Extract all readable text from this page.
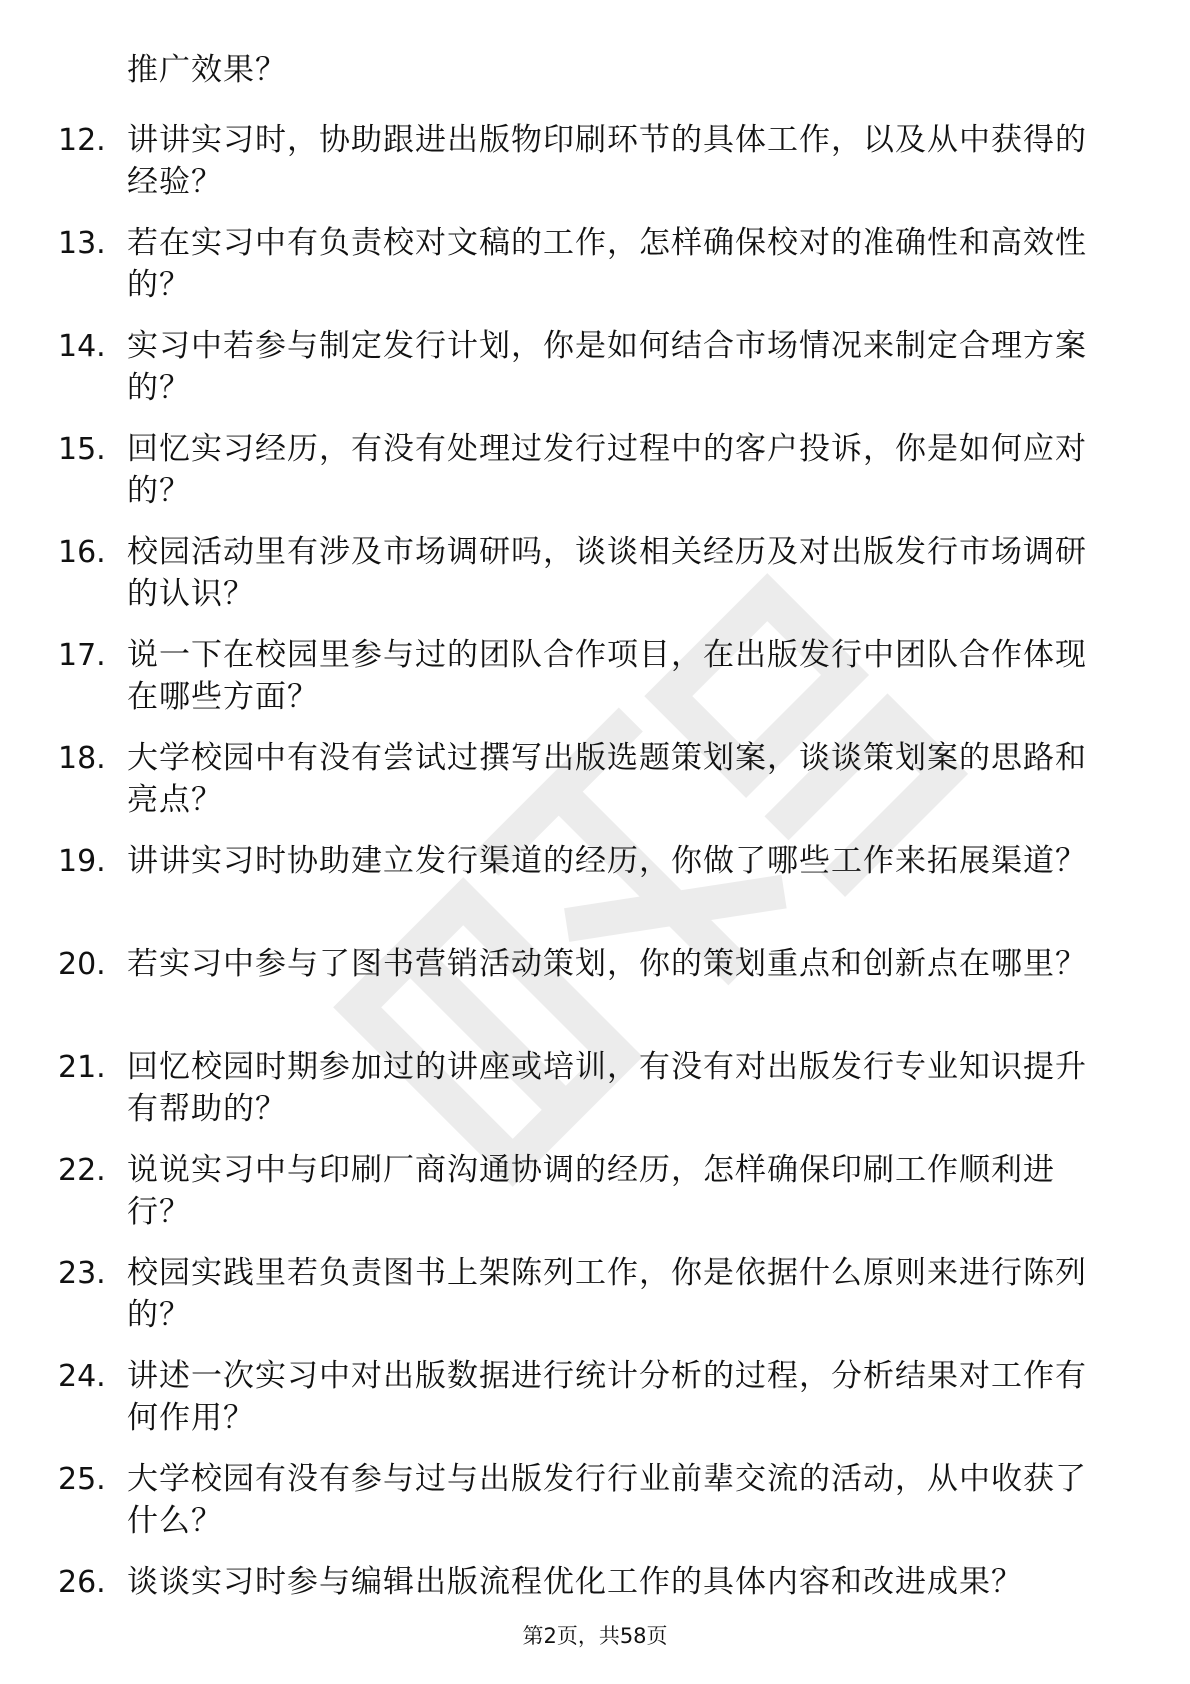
推广效果？
12. 讲讲实习时，协助跟进出版物印刷环节的具体工作，以及从中获得的经验？
13. 若在实习中有负责校对文稿的工作，怎样确保校对的准确性和高效性的？
14. 实习中若参与制定发行计划，你是如何结合市场情况来制定合理方案的？
15. 回忆实习经历，有没有处理过发行过程中的客户投诉，你是如何应对的？
16. 校园活动里有涉及市场调研吗，谈谈相关经历及对出版发行市场调研的认识？
17. 说一下在校园里参与过的团队合作项目，在出版发行中团队合作体现在哪些方面？
18. 大学校园中有没有尝试过撰写出版选题策划案，谈谈策划案的思路和亮点？
19. 讲讲实习时协助建立发行渠道的经历，你做了哪些工作来拓展渠道？
20. 若实习中参与了图书营销活动策划，你的策划重点和创新点在哪里？
21. 回忆校园时期参加过的讲座或培训，有没有对出版发行专业知识提升有帮助的？
22. 说说实习中与印刷厂商沟通协调的经历，怎样确保印刷工作顺利进行？
23. 校园实践里若负责图书上架陈列工作，你是依据什么原则来进行陈列的？
24. 讲述一次实习中对出版数据进行统计分析的过程，分析结果对工作有何作用？
25. 大学校园有没有参与过与出版发行行业前辈交流的活动，从中收获了什么？
26. 谈谈实习时参与编辑出版流程优化工作的具体内容和改进成果？
第2页，共58页
